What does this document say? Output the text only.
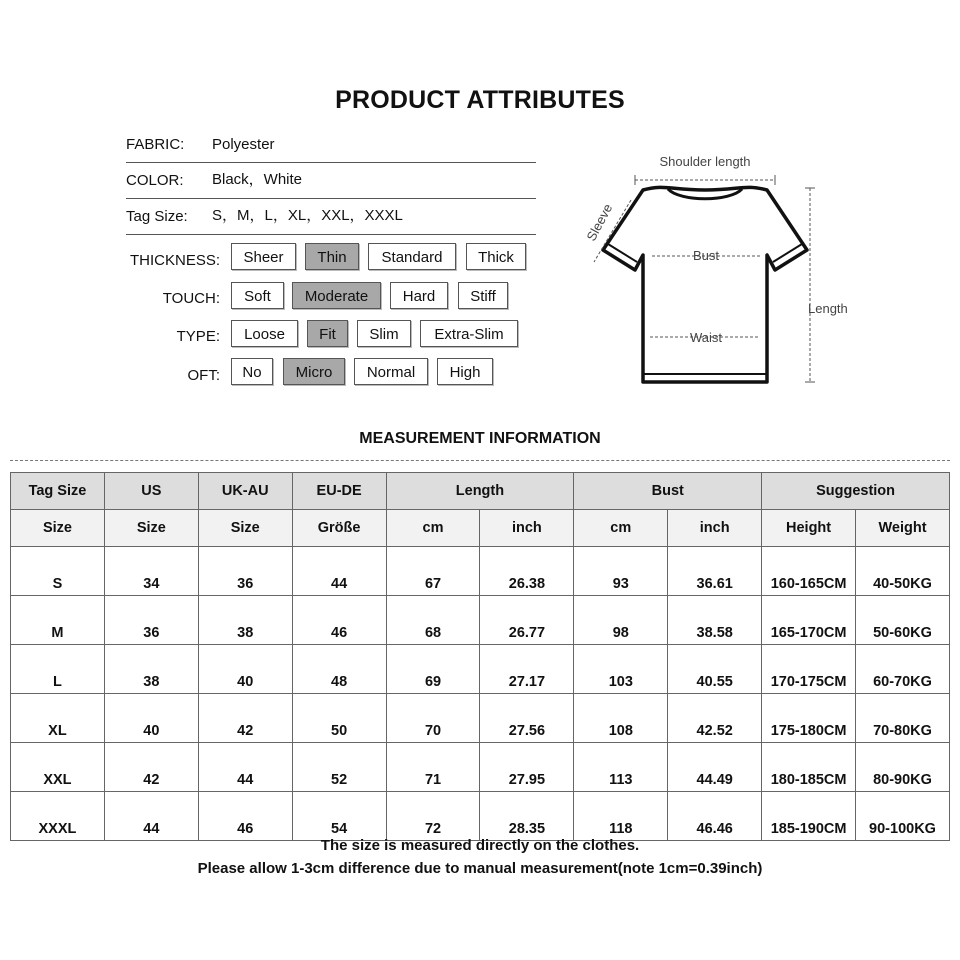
PRODUCT ATTRIBUTES
FABRIC: Polyester
COLOR: Black，White
Tag Size: S，M，L，XL，XXL，XXXL
THICKNESS:	Sheer	Thin	Standard	Thick
TOUCH:	Soft	Moderate	Hard	Stiff
TYPE:	Loose	Fit	Slim	Extra-Slim
OFT:	No	Micro	Normal	High
Shoulder length
Bust
Waist
Length
Sleeve
MEASUREMENT INFORMATION
Tag Size	US	UK-AU	EU-DE	Length		Bust		Suggestion	
Size	Size	Size	Größe	cm	inch	cm	inch	Height	Weight
S	34	36	44	67	26.38	93	36.61	160-165CM	40-50KG
M	36	38	46	68	26.77	98	38.58	165-170CM	50-60KG
L	38	40	48	69	27.17	103	40.55	170-175CM	60-70KG
XL	40	42	50	70	27.56	108	42.52	175-180CM	70-80KG
XXL	42	44	52	71	27.95	113	44.49	180-185CM	80-90KG
XXXL	44	46	54	72	28.35	118	46.46	185-190CM	90-100KG
The size is measured directly on the clothes.
Please allow 1-3cm difference due to manual measurement(note 1cm=0.39inch)
